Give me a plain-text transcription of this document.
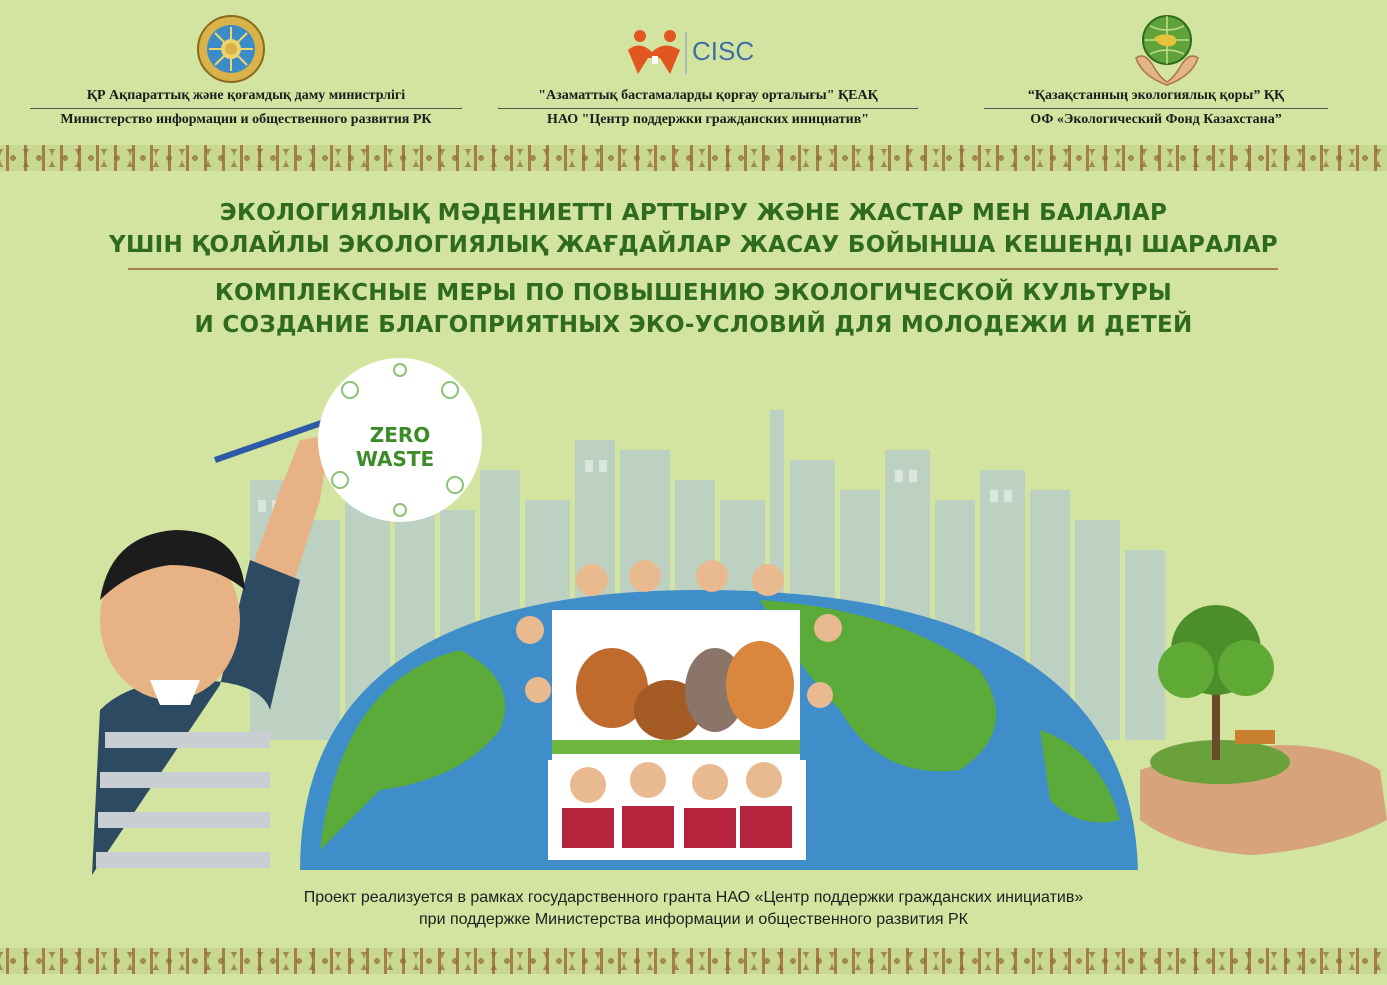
CISC
ҚР Ақпараттық және қоғамдық даму министрлігі
Министерство информации и общественного развития РК
"Азаматтық бастамаларды қорғау орталығы" ҚЕАҚ
НАО "Центр поддержки гражданских инициатив"
“Қазақстанның экологиялық қоры” ҚҚ
ОФ «Экологический Фонд Казахстана”
ЭКОЛОГИЯЛЫҚ МӘДЕНИЕТТІ АРТТЫРУ ЖӘНЕ ЖАСТАР МЕН БАЛАЛАР
ҮШІН ҚОЛАЙЛЫ ЭКОЛОГИЯЛЫҚ ЖАҒДАЙЛАР ЖАСАУ БОЙЫНША КЕШЕНДІ ШАРАЛАР
КОМПЛЕКСНЫЕ МЕРЫ ПО ПОВЫШЕНИЮ ЭКОЛОГИЧЕСКОЙ КУЛЬТУРЫ
И СОЗДАНИЕ БЛАГОПРИЯТНЫХ ЭКО-УСЛОВИЙ ДЛЯ МОЛОДЕЖИ И ДЕТЕЙ
ZERO
WASTE
Проект реализуется в рамках государственного гранта НАО «Центр поддержки гражданских инициатив»
при поддержке Министерства информации и общественного развития РК
